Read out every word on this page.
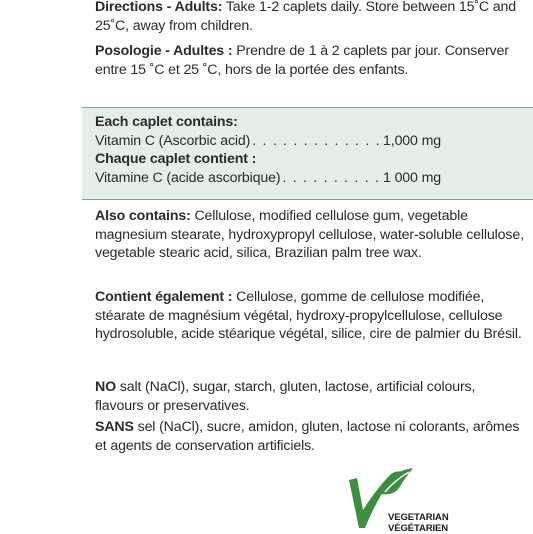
Directions - Adults: Take 1-2 caplets daily. Store between 15˚C and 25˚C, away from children.

Posologie - Adultes : Prendre de 1 à 2 caplets par jour. Conserver entre 15 ˚C et 25 ˚C, hors de la portée des enfants.

Each caplet contains:

Vitamin C (Ascorbic acid) . . .	1,000 mg

Chaque caplet contient :

Vitamine C (acide ascorbique) . . .	1 000 mg

Also contains: Cellulose, modified cellulose gum, vegetable magnesium stearate, hydroxypropyl cellulose, water-soluble cellulose, vegetable stearic acid, silica, Brazilian palm tree wax.

Contient également : Cellulose, gomme de cellulose modifiée, stéarate de magnésium végétal, hydroxy-propylcellulose, cellulose hydrosoluble, acide stéarique végétal, silice, cire de palmier du Brésil.

NO salt (NaCl), sugar, starch, gluten, lactose, artificial colours, flavours or preservatives.

SANS sel (NaCl), sucre, amidon, gluten, lactose ni colorants, arômes et agents de conservation artificiels.

VEGETARIAN
VÉGÉTARIEN
